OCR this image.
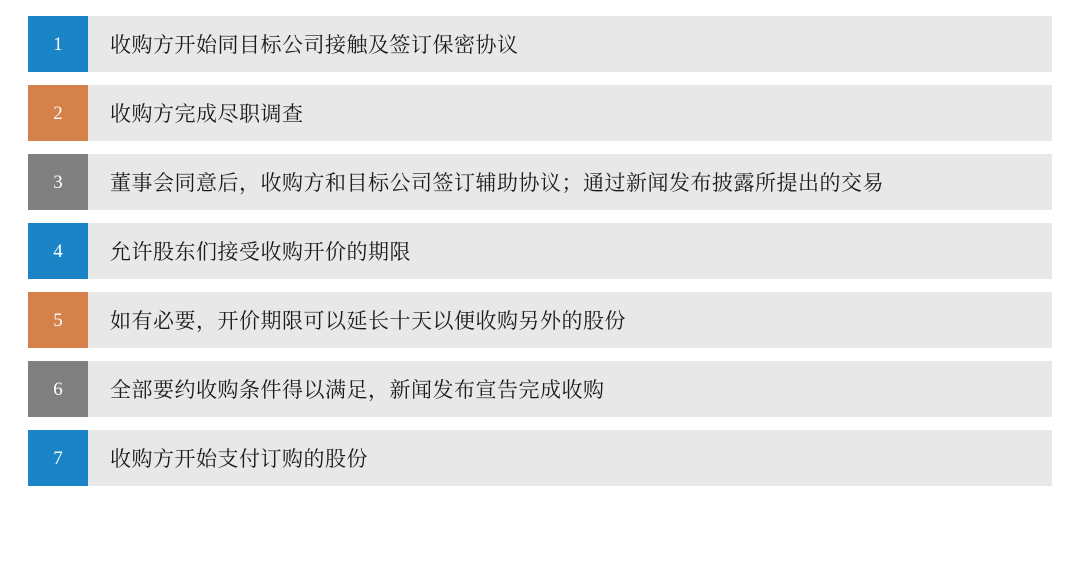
1	收购方开始同目标公司接触及签订保密协议
2	收购方完成尽职调查
3	董事会同意后，收购方和目标公司签订辅助协议；通过新闻发布披露所提出的交易
4	允许股东们接受收购开价的期限
5	如有必要，开价期限可以延长十天以便收购另外的股份
6	全部要约收购条件得以满足，新闻发布宣告完成收购
7	收购方开始支付订购的股份
